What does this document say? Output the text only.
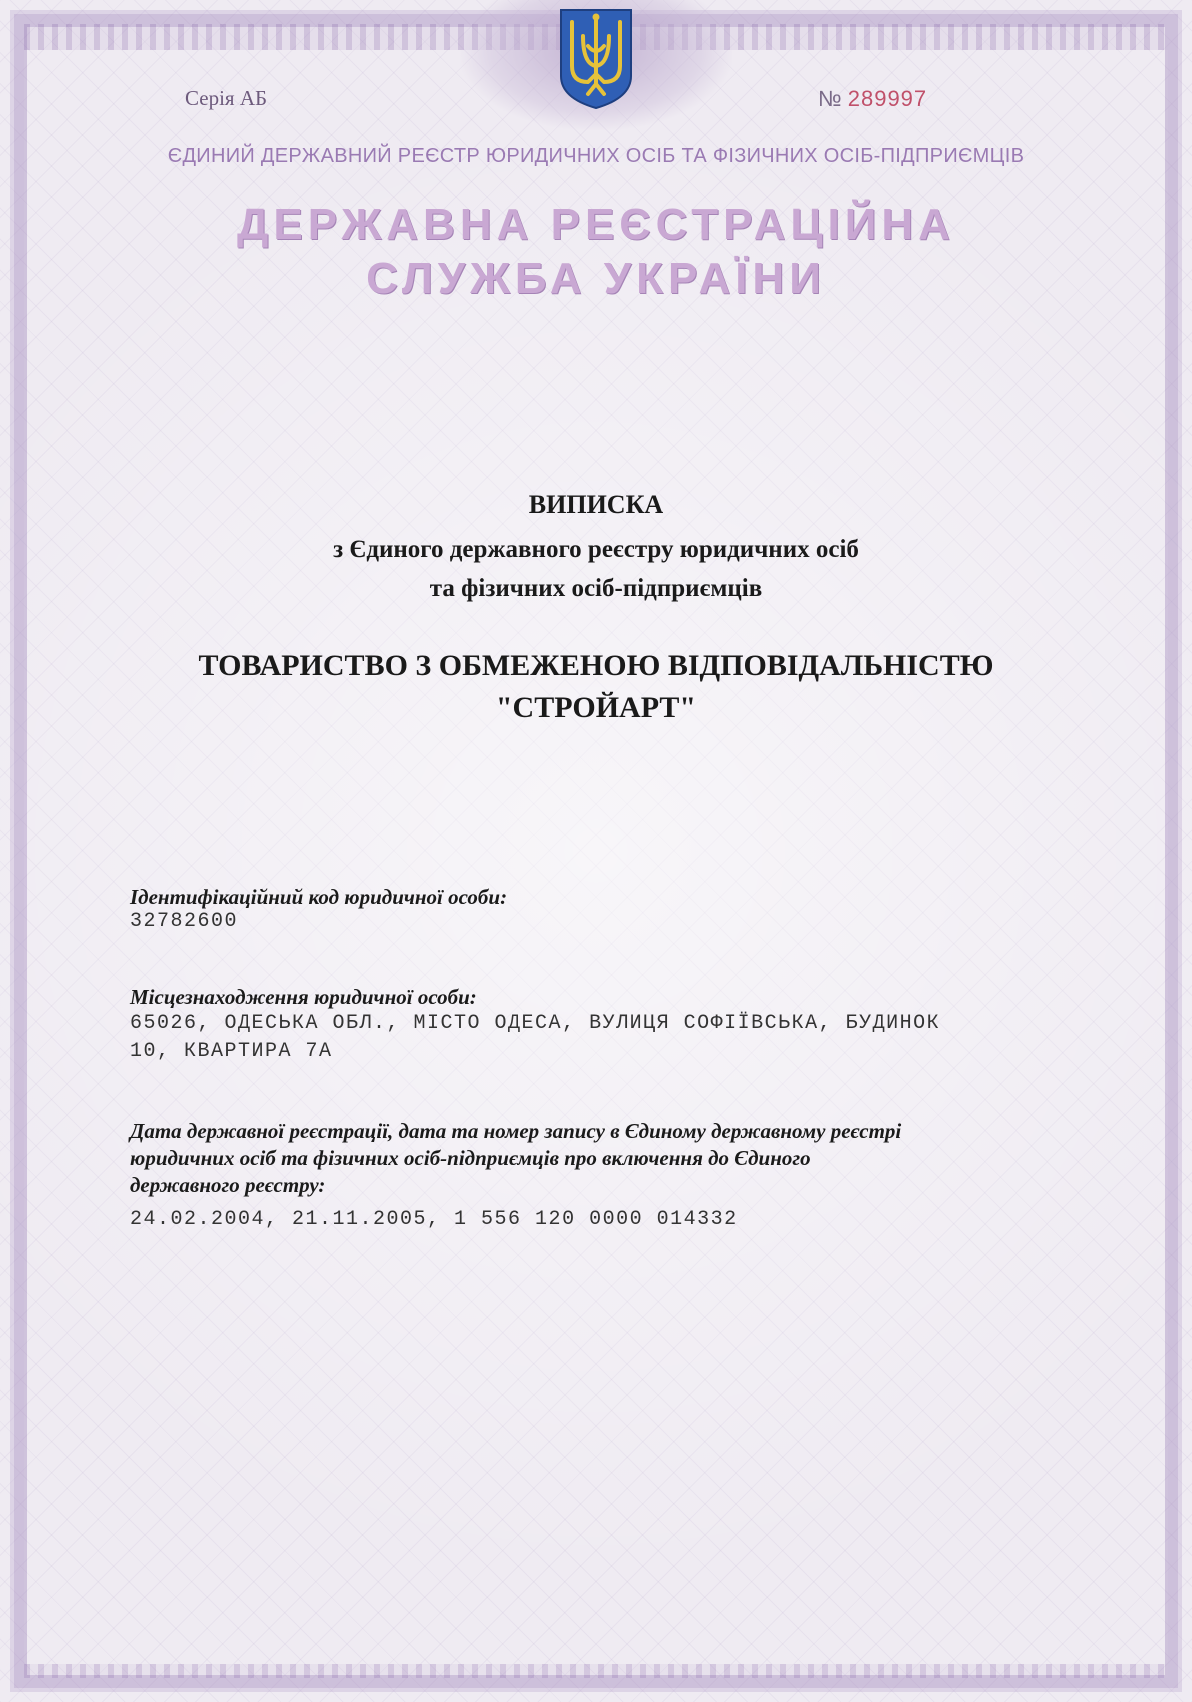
Серія АБ	№ 289997
ЄДИНИЙ ДЕРЖАВНИЙ РЕЄСТР ЮРИДИЧНИХ ОСІБ ТА ФІЗИЧНИХ ОСІБ-ПІДПРИЄМЦІВ
ДЕРЖАВНА РЕЄСТРАЦІЙНА
СЛУЖБА УКРАЇНИ
ВИПИСКА
з Єдиного державного реєстру юридичних осіб
та фізичних осіб-підприємців
ТОВАРИСТВО З ОБМЕЖЕНОЮ ВІДПОВІДАЛЬНІСТЮ
"СТРОЙАРТ"
Ідентифікаційний код юридичної особи:
32782600
Місцезнаходження юридичної особи:
65026, ОДЕСЬКА ОБЛ., МІСТО ОДЕСА, ВУЛИЦЯ СОФІЇВСЬКА, БУДИНОК
10, КВАРТИРА 7А
Дата державної реєстрації, дата та номер запису в Єдиному державному реєстрі
юридичних осіб та фізичних осіб-підприємців про включення до Єдиного
державного реєстру:
24.02.2004, 21.11.2005, 1 556 120 0000 014332
